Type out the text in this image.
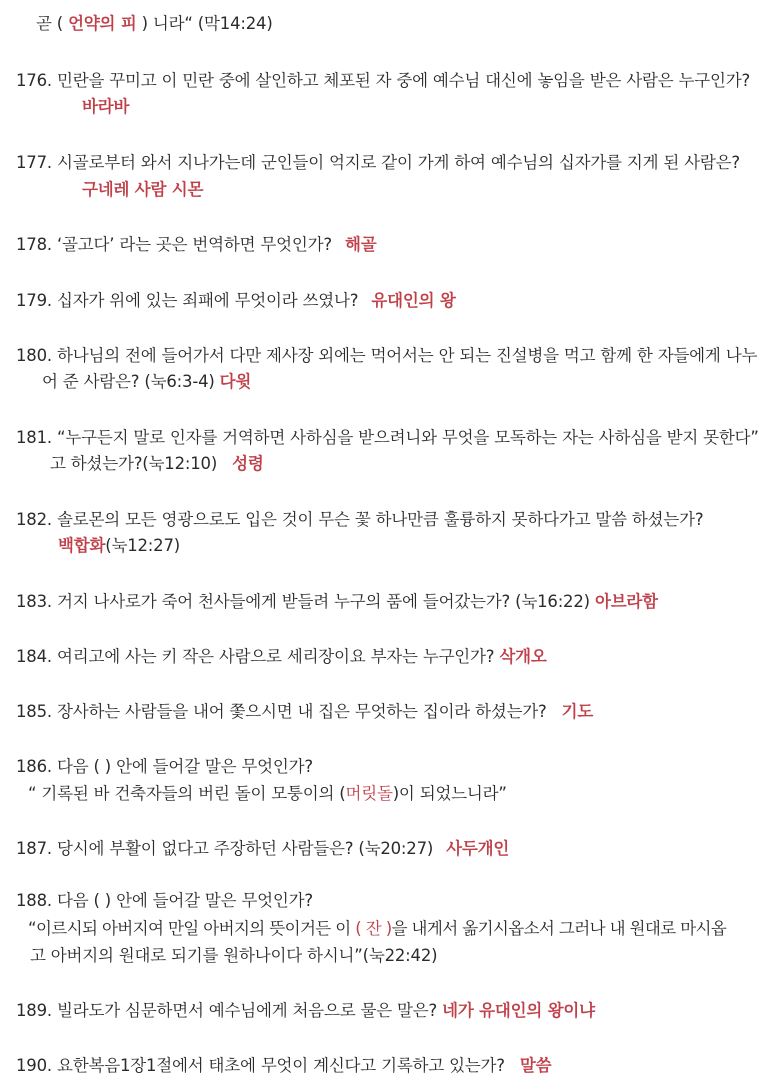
곧 ( 언약의 피 ) 니라“ (막14:24)
176. 민란을 꾸미고 이 민란 중에 살인하고 체포된 자 중에 예수님 대신에 놓임을 받은 사람은 누구인가?
바라바
177. 시골로부터 와서 지나가는데 군인들이 억지로 같이 가게 하여 예수님의 십자가를 지게 된 사람은?
구네레 사람 시몬
178. ‘골고다’ 라는 곳은 번역하면 무엇인가? 해골
179. 십자가 위에 있는 죄패에 무엇이라 쓰였나? 유대인의 왕
180. 하나님의 전에 들어가서 다만 제사장 외에는 먹어서는 안 되는 진설병을 먹고 함께 한 자들에게 나누
어 준 사람은? (눅6:3-4) 다윗
181. “누구든지 말로 인자를 거역하면 사하심을 받으려니와 무엇을 모독하는 자는 사하심을 받지 못한다”
고 하셨는가?(눅12:10) 성령
182. 솔로몬의 모든 영광으로도 입은 것이 무슨 꽃 하나만큼 훌륭하지 못하다가고 말씀 하셨는가?
백합화(눅12:27)
183. 거지 나사로가 죽어 천사들에게 받들려 누구의 품에 들어갔는가? (눅16:22) 아브라함
184. 여리고에 사는 키 작은 사람으로 세리장이요 부자는 누구인가? 삭개오
185. 장사하는 사람들을 내어 쫓으시면 내 집은 무엇하는 집이라 하셨는가? 기도
186. 다음 ( ) 안에 들어갈 말은 무엇인가?
“ 기록된 바 건축자들의 버린 돌이 모퉁이의 (머릿돌)이 되었느니라”
187. 당시에 부활이 없다고 주장하던 사람들은? (눅20:27) 사두개인
188. 다음 ( ) 안에 들어갈 말은 무엇인가?
“이르시되 아버지여 만일 아버지의 뜻이거든 이 ( 잔 )을 내게서 옮기시옵소서 그러나 내 원대로 마시옵
고 아버지의 원대로 되기를 원하나이다 하시니”(눅22:42)
189. 빌라도가 심문하면서 예수님에게 처음으로 물은 말은? 네가 유대인의 왕이냐
190. 요한복음1장1절에서 태초에 무엇이 계신다고 기록하고 있는가? 말씀
